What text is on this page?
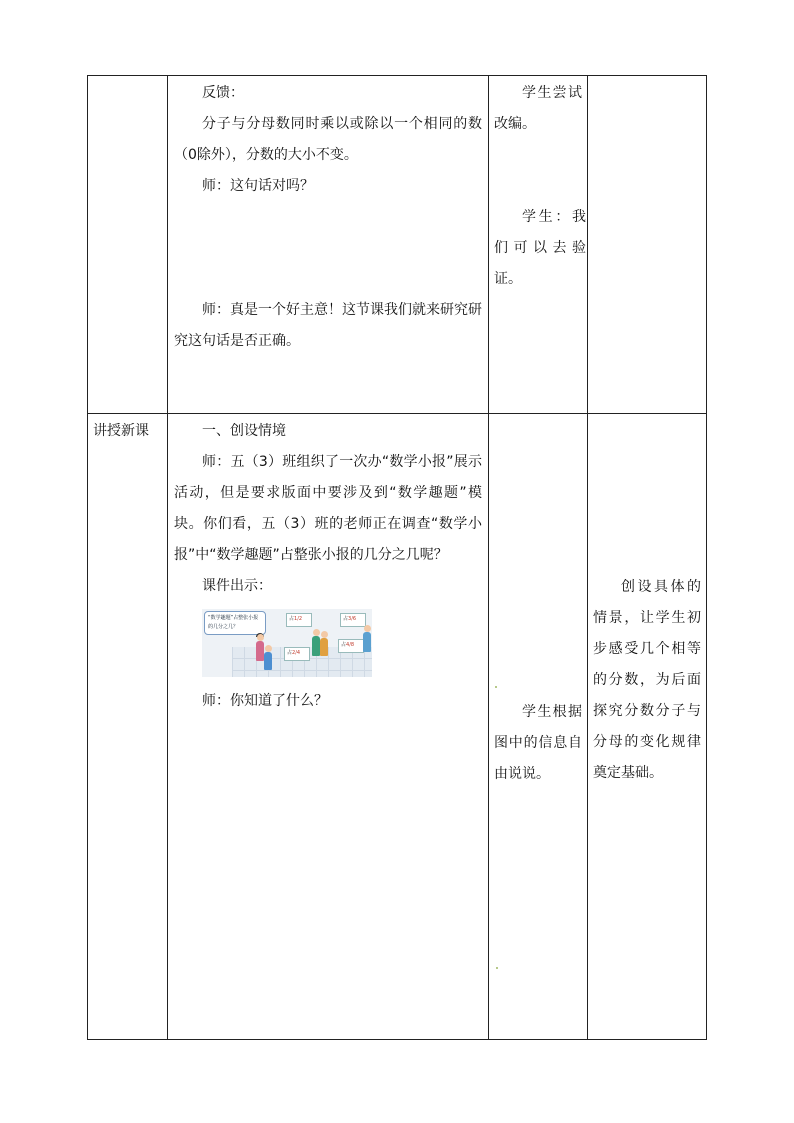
反馈：

分子与分母数同时乘以或除以一个相同的数（0除外），分数的大小不变。

师：这句话对吗？

师：真是一个好主意！这节课我们就来研究研究这句话是否正确。

学生尝试改编。

学生：我们可以去验证。

讲授新课	一、创设情境

师：五（3）班组织了一次办“数学小报”展示活动，但是要求版面中要涉及到“数学趣题”模块。你们看，五（3）班的老师正在调查“数学小报”中“数学趣题”占整张小报的几分之几呢？

课件出示：

“数学趣题”占整张小报的几分之几？
占1/2	占3/6
占2/4
占4/8

师：你知道了什么？

学生根据图中的信息自由说说。

创设具体的情景，让学生初步感受几个相等的分数，为后面探究分数分子与分母的变化规律奠定基础。
